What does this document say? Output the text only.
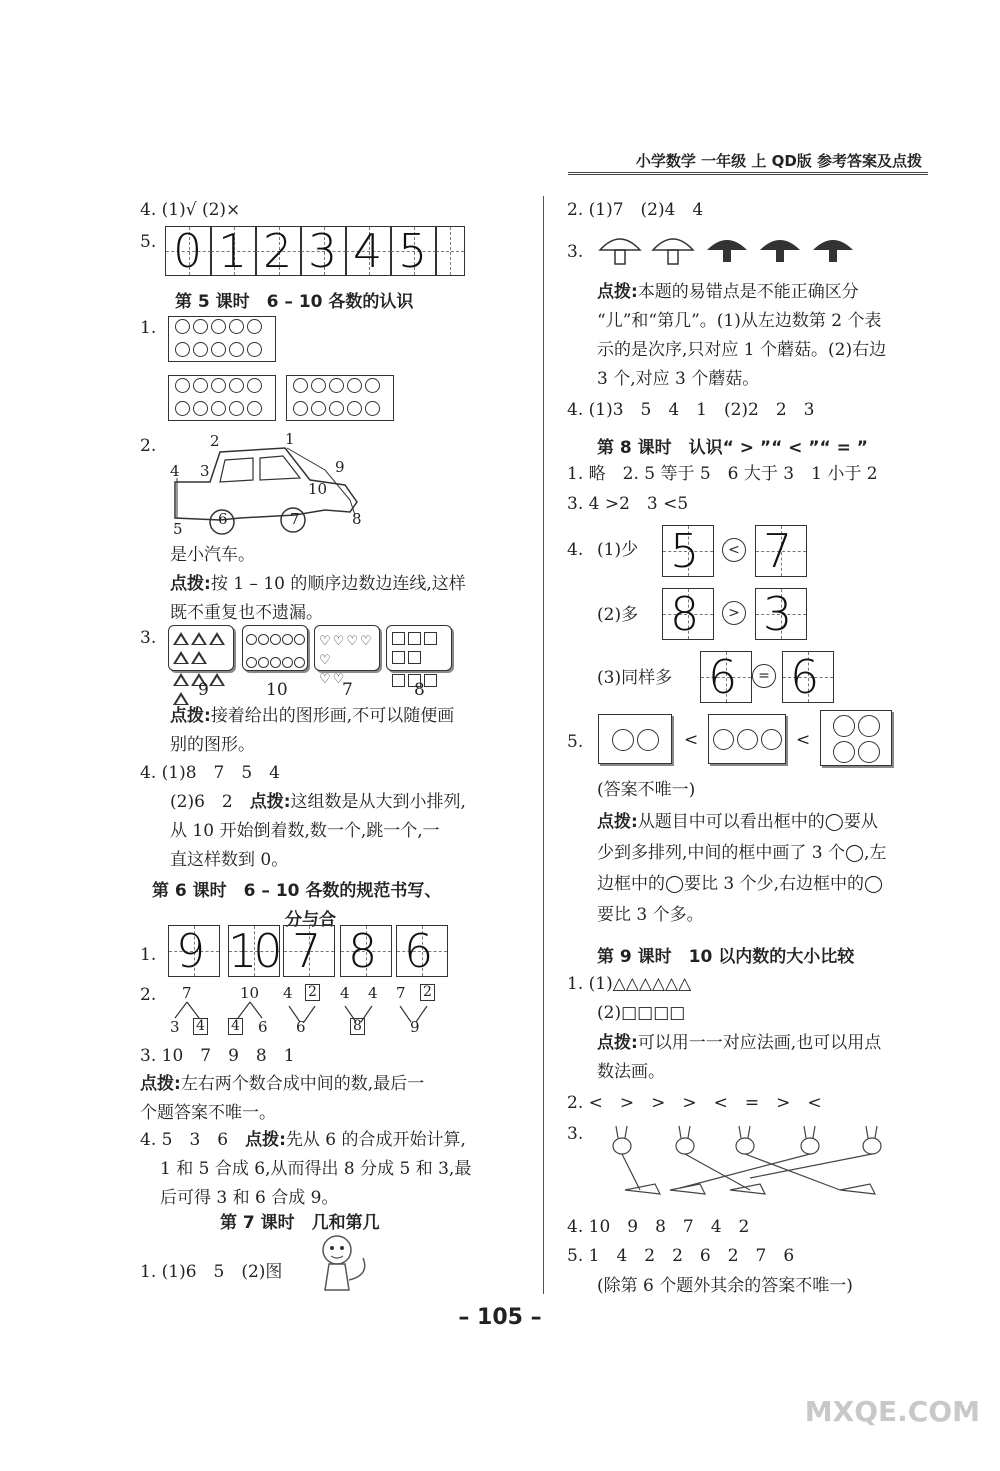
小学数学 一年级 上 QD版 参考答案及点拨
4. (1)√ (2)×
5. 0 1 2 3 4 5
第 5 课时　6 – 10 各数的认识
1.
2.	2	1
4 3	9
10
5
6	7	8
是小汽车。
点拨:按 1 – 10 的顺序边数边连线,这样
既不重复也不遗漏。
3.	♡ ♡ ♡ ♡♡
♡ ♡
9	10	7	8
点拨:接着给出的图形画,不可以随便画
别的图形。
4. (1)8　7　5　4
(2)6　2　点拨:这组数是从大到小排列,
从 10 开始倒着数,数一个,跳一个,一
直这样数到 0。
第 6 课时　6 – 10 各数的规范书写、
分与合
1. 9 10 7 8 6
2. 7
3 4
10
4 6
4 2
6
4 4
8
7 2
9
3. 10　7　9　8　1
点拨:左右两个数合成中间的数,最后一
个题答案不唯一。
4. 5　3　6　点拨:先从 6 的合成开始计算,
1 和 5 合成 6,从而得出 8 分成 5 和 3,最
后可得 3 和 6 合成 9。
第 7 课时　几和第几
1. (1)6　5　(2)图
2. (1)7　(2)4　4
3.
点拨:本题的易错点是不能正确区分
“儿”和“第几”。(1)从左边数第 2 个表
示的是次序,只对应 1 个蘑菇。(2)右边
3 个,对应 3 个蘑菇。
4. (1)3　5　4　1　(2)2　2　3
第 8 课时　认识“ > ”“ < ”“ = ”
1. 略　2. 5 等于 5　6 大于 3　1 小于 2
3. 4 >2　3 <5
4. (1)少 5	< 7
(2)多 8	> 3
(3)同样多 6	= 6
5.	<	<
(答案不唯一)
点拨:从题目中可以看出框中的◯要从
少到多排列,中间的框中画了 3 个◯,左
边框中的◯要比 3 个少,右边框中的◯
要比 3 个多。
第 9 课时　10 以内数的大小比较
1. (1)△△△△△△
(2)□□□□
点拨:可以用一一对应法画,也可以用点
数法画。
2. <　>　>　>　<　=　>　<
3.
4. 10　9　8　7　4　2
5. 1　4　2　2　6　2　7　6
(除第 6 个题外其余的答案不唯一)
– 105 –
MXQE.COM
